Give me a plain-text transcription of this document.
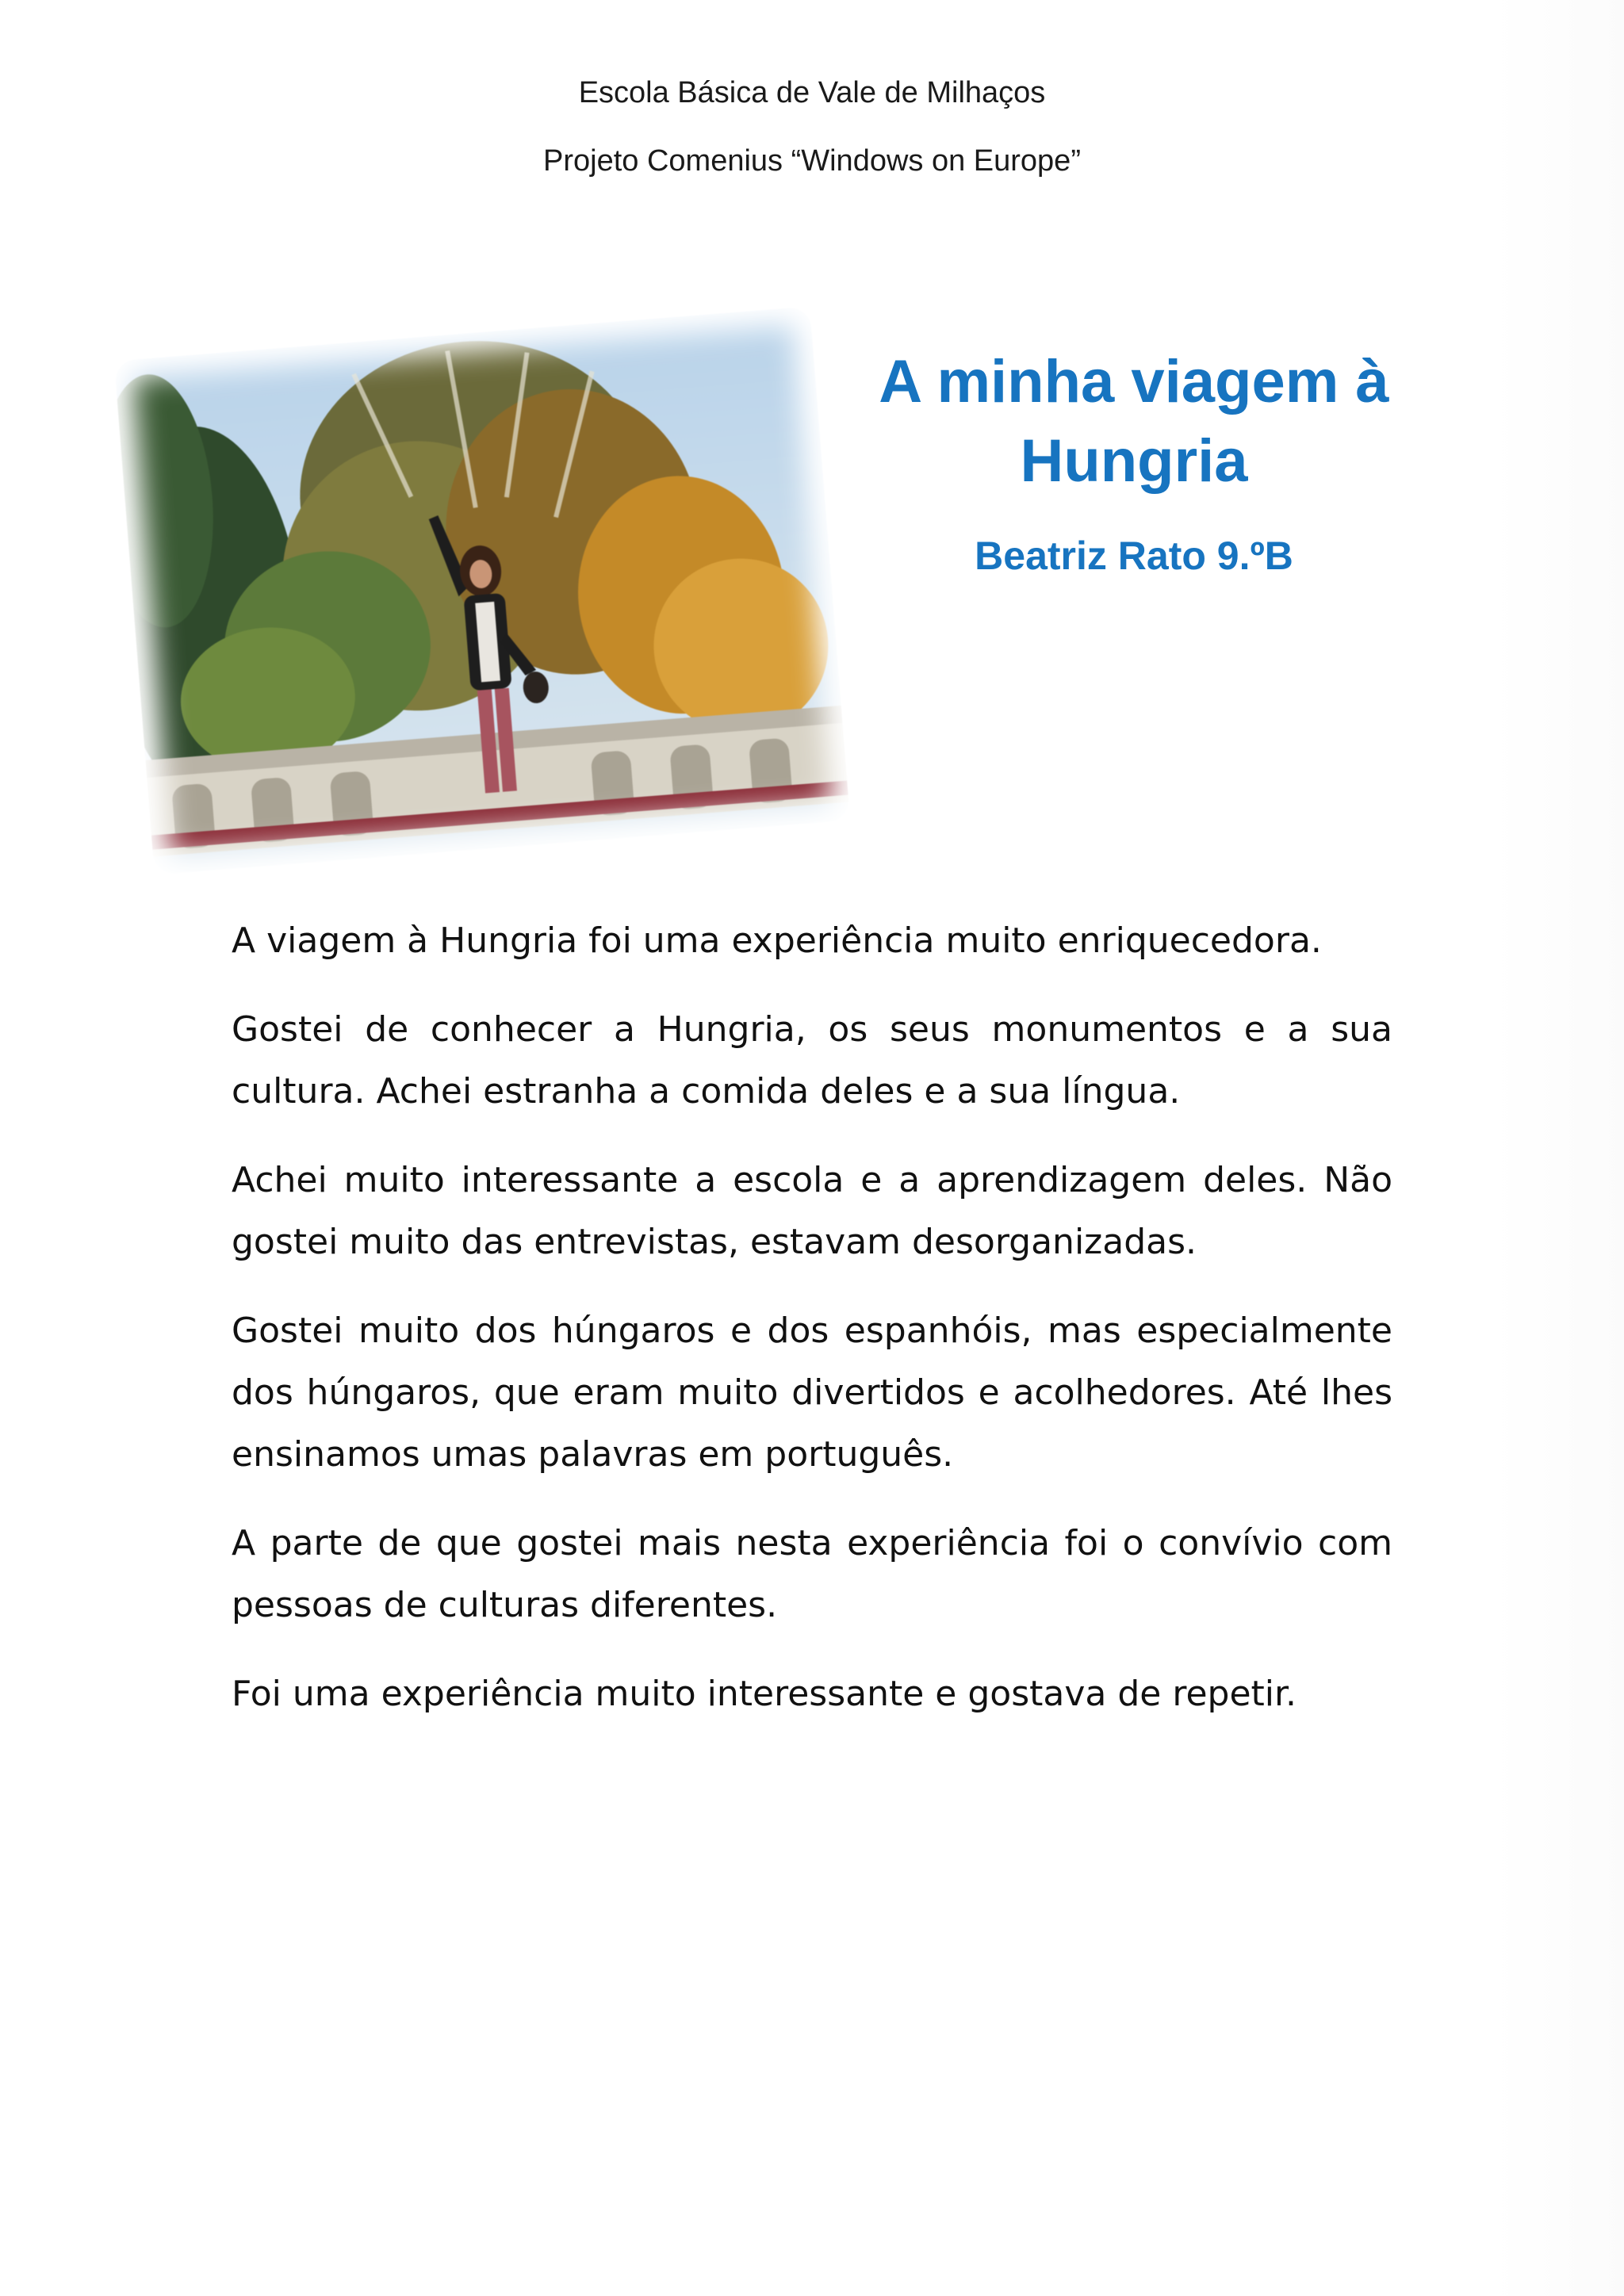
Escola Básica de Vale de Milhaços
Projeto Comenius “Windows on Europe”
A minha viagem à
Hungria
Beatriz Rato 9.ºB

A viagem à Hungria foi uma experiência muito enriquecedora.

Gostei de conhecer a Hungria, os seus monumentos e a sua cultura. Achei estranha a comida deles e a sua língua.

Achei muito interessante a escola e a aprendizagem deles. Não gostei muito das entrevistas, estavam desorganizadas.

Gostei muito dos húngaros e dos espanhóis, mas especialmente dos húngaros, que eram muito divertidos e acolhedores. Até lhes ensinamos umas palavras em português.

A parte de que gostei mais nesta experiência foi o convívio com pessoas de culturas diferentes.

Foi uma experiência muito interessante e gostava de repetir.
